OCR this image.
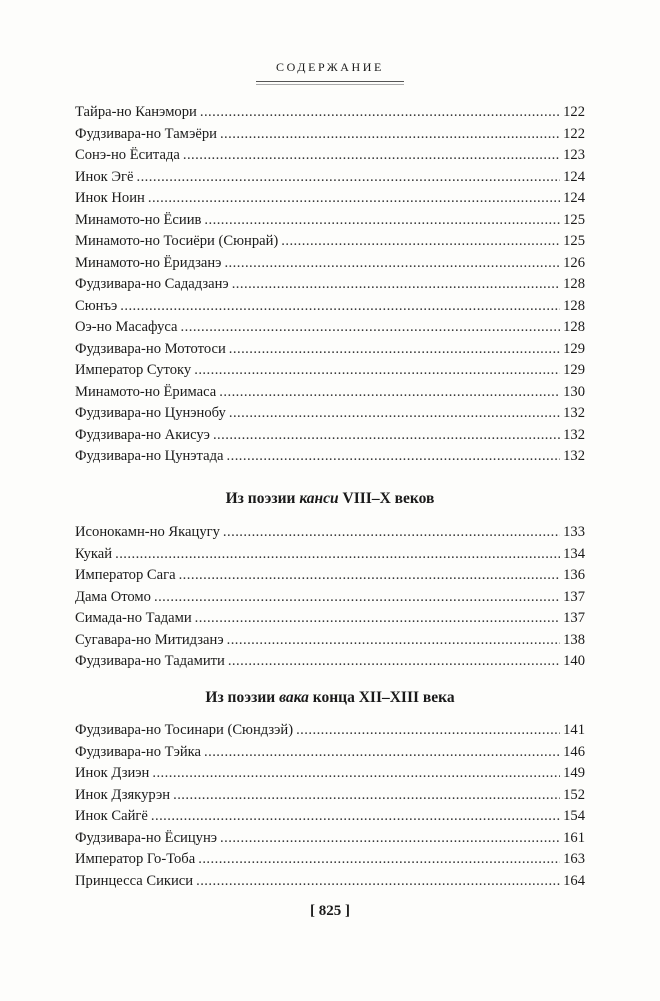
СОДЕРЖАНИЕ
Тайра-но Канэмори . . .	122
Фудзивара-но Тамэёри . . .	122
Сонэ-но Ёситада . . .	123
Инок Эгё . . .	124
Инок Ноин . . .	124
Минамото-но Ёсиив . . .	125
Минамото-но Тосиёри (Сюнрай) . . .	125
Минамото-но Ёридзанэ . . .	126
Фудзивара-но Сададзанэ . . .	128
Сюнъэ . . .	128
Оэ-но Масафуса . . .	128
Фудзивара-но Мототоси . . .	129
Император Сутоку . . .	129
Минамото-но Ёримаса . . .	130
Фудзивара-но Цунэнобу . . .	132
Фудзивара-но Акисуэ . . .	132
Фудзивара-но Цунэтада . . .	132
Из поэзии канси VIII–X веков
Исонокамн-но Якацугу . . .	133
Кукай . . .	134
Император Сага . . .	136
Дама Отомо . . .	137
Симада-но Тадами . . .	137
Сугавара-но Митидзанэ . . .	138
Фудзивара-но Тадамити . . .	140
Из поэзии вака конца XII–XIII века
Фудзивара-но Тосинари (Сюндзэй) . . .	141
Фудзивара-но Тэйка . . .	146
Инок Дзиэн . . .	149
Инок Дзякурэн . . .	152
Инок Сайгё . . .	154
Фудзивара-но Ёсицунэ . . .	161
Император Го-Тоба . . .	163
Принцесса Сикиси . . .	164
[ 825 ]
